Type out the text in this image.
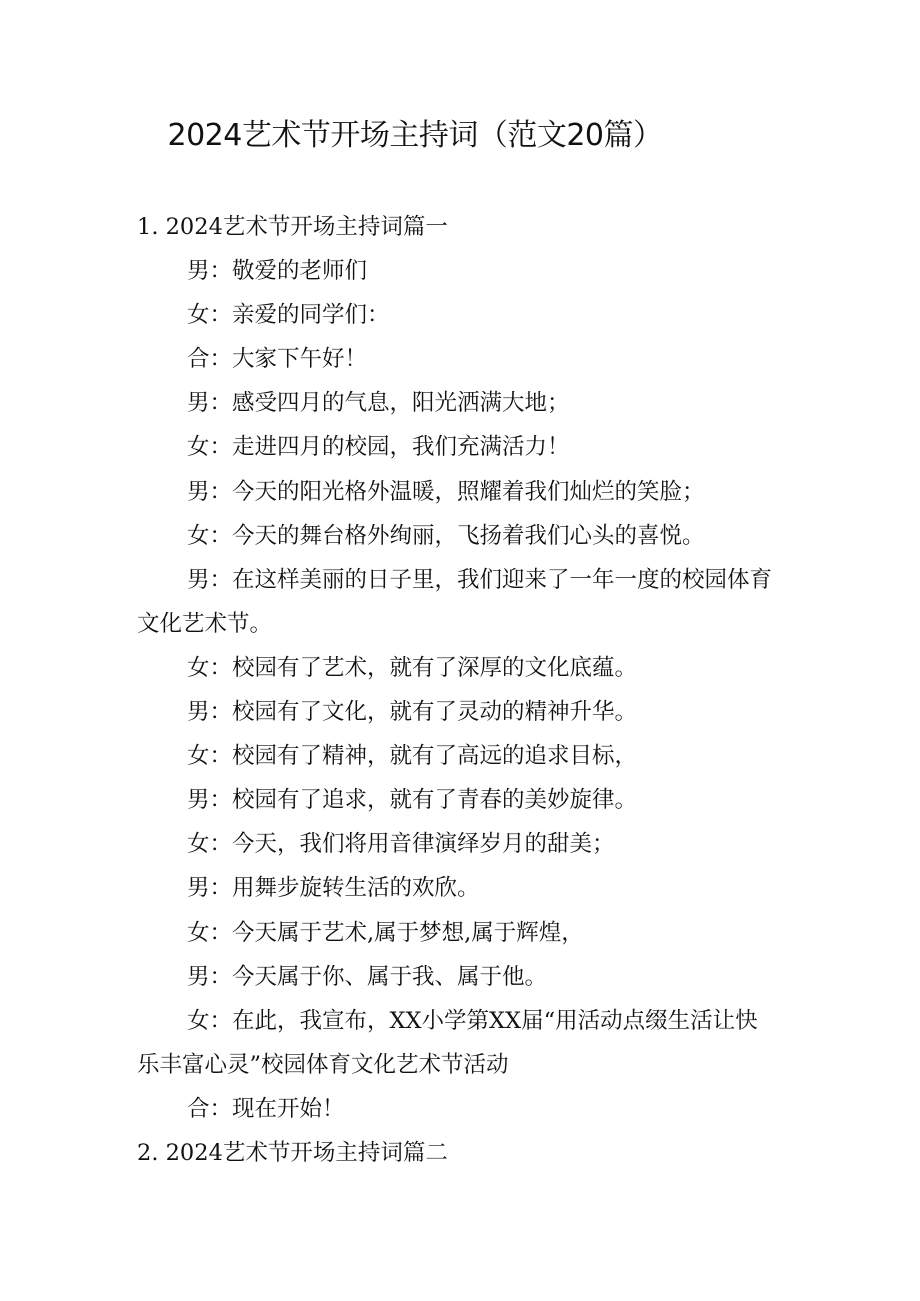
2024艺术节开场主持词（范文20篇）

1. 2024艺术节开场主持词篇一

男：敬爱的老师们

女：亲爱的同学们：

合：大家下午好！

男：感受四月的气息，阳光洒满大地；

女：走进四月的校园，我们充满活力！

男：今天的阳光格外温暖，照耀着我们灿烂的笑脸；

女：今天的舞台格外绚丽，飞扬着我们心头的喜悦。

男：在这样美丽的日子里，我们迎来了一年一度的校园体育文化艺术节。

女：校园有了艺术，就有了深厚的文化底蕴。

男：校园有了文化，就有了灵动的精神升华。

女：校园有了精神，就有了高远的追求目标，

男：校园有了追求，就有了青春的美妙旋律。

女：今天，我们将用音律演绎岁月的甜美；

男：用舞步旋转生活的欢欣。

女：今天属于艺术,属于梦想,属于辉煌，

男：今天属于你、属于我、属于他。

女：在此，我宣布，XX小学第XX届“用活动点缀生活让快乐丰富心灵”校园体育文化艺术节活动

合：现在开始！

2. 2024艺术节开场主持词篇二
